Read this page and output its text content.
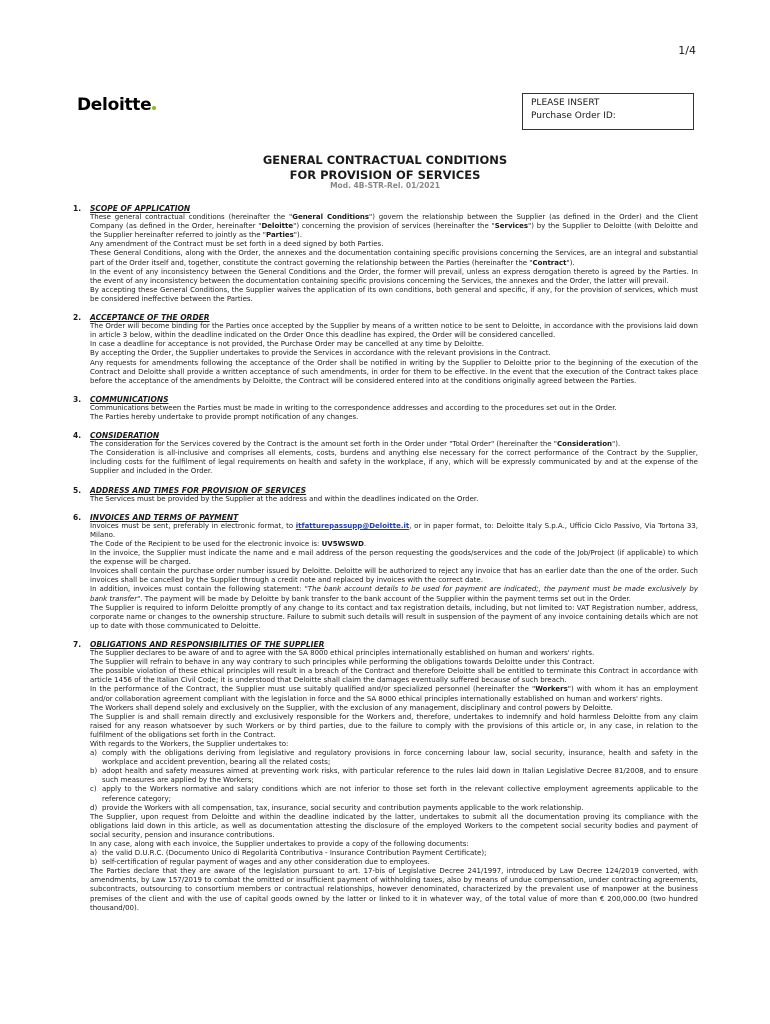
1/4
Deloitte	PLEASE INSERT
Purchase Order ID:
GENERAL CONTRACTUAL CONDITIONS
FOR PROVISION OF SERVICES
Mod. 4B-STR-Rel. 01/2021
1. SCOPE OF APPLICATION

These general contractual conditions (hereinafter the "General Conditions") govern the relationship between the Supplier (as defined in the Order) and the Client Company (as defined in the Order, hereinafter "Deloitte") concerning the provision of services (hereinafter the "Services") by the Supplier to Deloitte (with Deloitte and the Supplier hereinafter referred to jointly as the "Parties").

Any amendment of the Contract must be set forth in a deed signed by both Parties.

These General Conditions, along with the Order, the annexes and the documentation containing specific provisions concerning the Services, are an integral and substantial part of the Order itself and, together, constitute the contract governing the relationship between the Parties (hereinafter the "Contract").

In the event of any inconsistency between the General Conditions and the Order, the former will prevail, unless an express derogation thereto is agreed by the Parties. In the event of any inconsistency between the documentation containing specific provisions concerning the Services, the annexes and the Order, the latter will prevail.

By accepting these General Conditions, the Supplier waives the application of its own conditions, both general and specific, if any, for the provision of services, which must be considered ineffective between the Parties.

2. ACCEPTANCE OF THE ORDER

The Order will become binding for the Parties once accepted by the Supplier by means of a written notice to be sent to Deloitte, in accordance with the provisions laid down in article 3 below, within the deadline indicated on the Order Once this deadline has expired, the Order will be considered cancelled.

In case a deadline for acceptance is not provided, the Purchase Order may be cancelled at any time by Deloitte.

By accepting the Order, the Supplier undertakes to provide the Services in accordance with the relevant provisions in the Contract.

Any requests for amendments following the acceptance of the Order shall be notified in writing by the Supplier to Deloitte prior to the beginning of the execution of the Contract and Deloitte shall provide a written acceptance of such amendments, in order for them to be effective. In the event that the execution of the Contract takes place before the acceptance of the amendments by Deloitte, the Contract will be considered entered into at the conditions originally agreed between the Parties.

3. COMMUNICATIONS

Communications between the Parties must be made in writing to the correspondence addresses and according to the procedures set out in the Order.

The Parties hereby undertake to provide prompt notification of any changes.

4. CONSIDERATION

The consideration for the Services covered by the Contract is the amount set forth in the Order under "Total Order" (hereinafter the "Consideration").

The Consideration is all-inclusive and comprises all elements, costs, burdens and anything else necessary for the correct performance of the Contract by the Supplier, including costs for the fulfilment of legal requirements on health and safety in the workplace, if any, which will be expressly communicated by and at the expense of the Supplier and included in the Order.

5. ADDRESS AND TIMES FOR PROVISION OF SERVICES

The Services must be provided by the Supplier at the address and within the deadlines indicated on the Order.

6. INVOICES AND TERMS OF PAYMENT

Invoices must be sent, preferably in electronic format, to itfatturepassupp@Deloitte.it, or in paper format, to: Deloitte Italy S.p.A., Ufficio Ciclo Passivo, Via Tortona 33, Milano.

The Code of the Recipient to be used for the electronic invoice is: UV5WSWD.

In the invoice, the Supplier must indicate the name and e mail address of the person requesting the goods/services and the code of the Job/Project (if applicable) to which the expense will be charged.

Invoices shall contain the purchase order number issued by Deloitte. Deloitte will be authorized to reject any invoice that has an earlier date than the one of the order. Such invoices shall be cancelled by the Supplier through a credit note and replaced by invoices with the correct date.

In addition, invoices must contain the following statement: "The bank account details to be used for payment are indicated;, the payment must be made exclusively by bank transfer". The payment will be made by Deloitte by bank transfer to the bank account of the Supplier within the payment terms set out in the Order.

The Supplier is required to inform Deloitte promptly of any change to its contact and tax registration details, including, but not limited to: VAT Registration number, address, corporate name or changes to the ownership structure. Failure to submit such details will result in suspension of the payment of any invoice containing details which are not up to date with those communicated to Deloitte.

7. OBLIGATIONS AND RESPONSIBILITIES OF THE SUPPLIER

The Supplier declares to be aware of and to agree with the SA 8000 ethical principles internationally established on human and workers' rights.

The Supplier will refrain to behave in any way contrary to such principles while performing the obligations towards Deloitte under this Contract.

The possible violation of these ethical principles will result in a breach of the Contract and therefore Deloitte shall be entitled to terminate this Contract in accordance with article 1456 of the Italian Civil Code; it is understood that Deloitte shall claim the damages eventually suffered because of such breach.

In the performance of the Contract, the Supplier must use suitably qualified and/or specialized personnel (hereinafter the "Workers") with whom it has an employment and/or collaboration agreement compliant with the legislation in force and the SA 8000 ethical principles internationally established on human and workers' rights.

The Workers shall depend solely and exclusively on the Supplier, with the exclusion of any management, disciplinary and control powers by Deloitte.

The Supplier is and shall remain directly and exclusively responsible for the Workers and, therefore, undertakes to indemnify and hold harmless Deloitte from any claim raised for any reason whatsoever by such Workers or by third parties, due to the failure to comply with the provisions of this article or, in any case, in relation to the fulfilment of the obligations set forth in the Contract.

With regards to the Workers, the Supplier undertakes to:

a) comply with the obligations deriving from legislative and regulatory provisions in force concerning labour law, social security, insurance, health and safety in the workplace and accident prevention, bearing all the related costs;
b) adopt health and safety measures aimed at preventing work risks, with particular reference to the rules laid down in Italian Legislative Decree 81/2008, and to ensure such measures are applied by the Workers;
c) apply to the Workers normative and salary conditions which are not inferior to those set forth in the relevant collective employment agreements applicable to the reference category;
d) provide the Workers with all compensation, tax, insurance, social security and contribution payments applicable to the work relationship.

The Supplier, upon request from Deloitte and within the deadline indicated by the latter, undertakes to submit all the documentation proving its compliance with the obligations laid down in this article, as well as documentation attesting the disclosure of the employed Workers to the competent social security bodies and payment of social security, pension and insurance contributions.

In any case, along with each invoice, the Supplier undertakes to provide a copy of the following documents:

a) the valid D.U.R.C. (Documento Unico di Regolarità Contributiva - Insurance Contribution Payment Certificate);
b) self-certification of regular payment of wages and any other consideration due to employees.

The Parties declare that they are aware of the legislation pursuant to art. 17-bis of Legislative Decree 241/1997, introduced by Law Decree 124/2019 converted, with amendments, by Law 157/2019 to combat the omitted or insufficient payment of withholding taxes, also by means of undue compensation, under contracting agreements, subcontracts, outsourcing to consortium members or contractual relationships, however denominated, characterized by the prevalent use of manpower at the business premises of the client and with the use of capital goods owned by the latter or linked to it in whatever way, of the total value of more than € 200,000.00 (two hundred thousand/00).
